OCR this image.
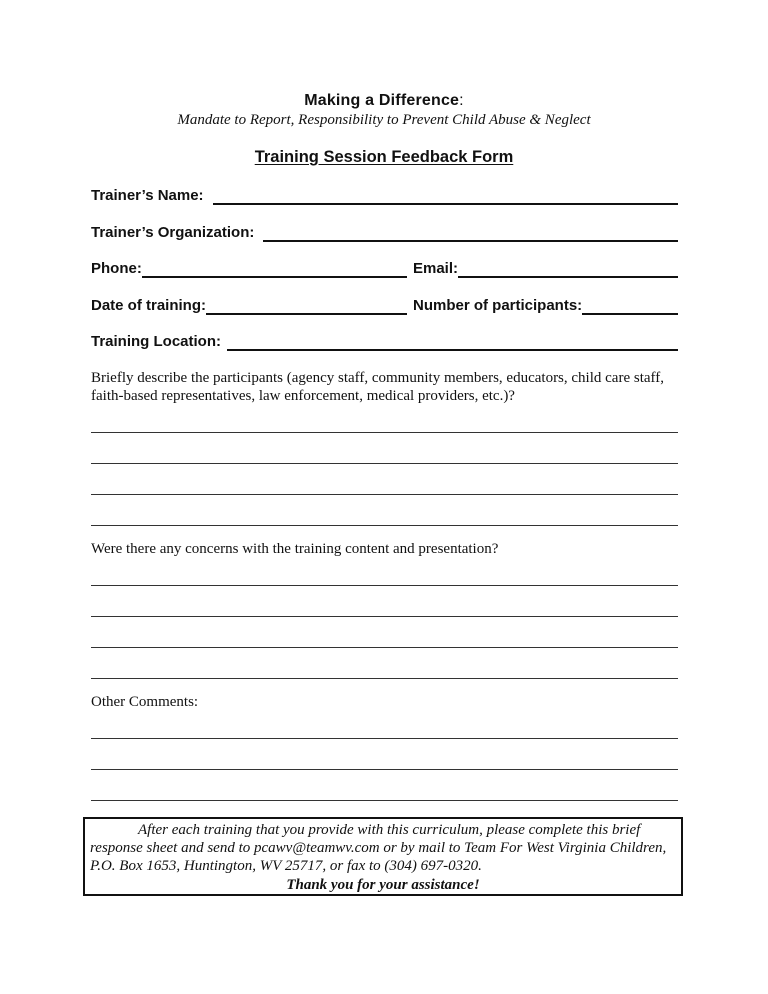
Making a Difference:
Mandate to Report, Responsibility to Prevent Child Abuse & Neglect
Training Session Feedback Form
Trainer’s Name:
Trainer’s Organization:
Phone:	Email:
Date of training:	Number of participants:
Training Location:
Briefly describe the participants (agency staff, community members, educators, child care staff, faith-based representatives, law enforcement, medical providers, etc.)?
Were there any concerns with the training content and presentation?
Other Comments:
After each training that you provide with this curriculum, please complete this brief response sheet and send to pcawv@teamwv.com or by mail to Team For West Virginia Children, P.O. Box 1653, Huntington, WV 25717, or fax to (304) 697-0320.
Thank you for your assistance!
